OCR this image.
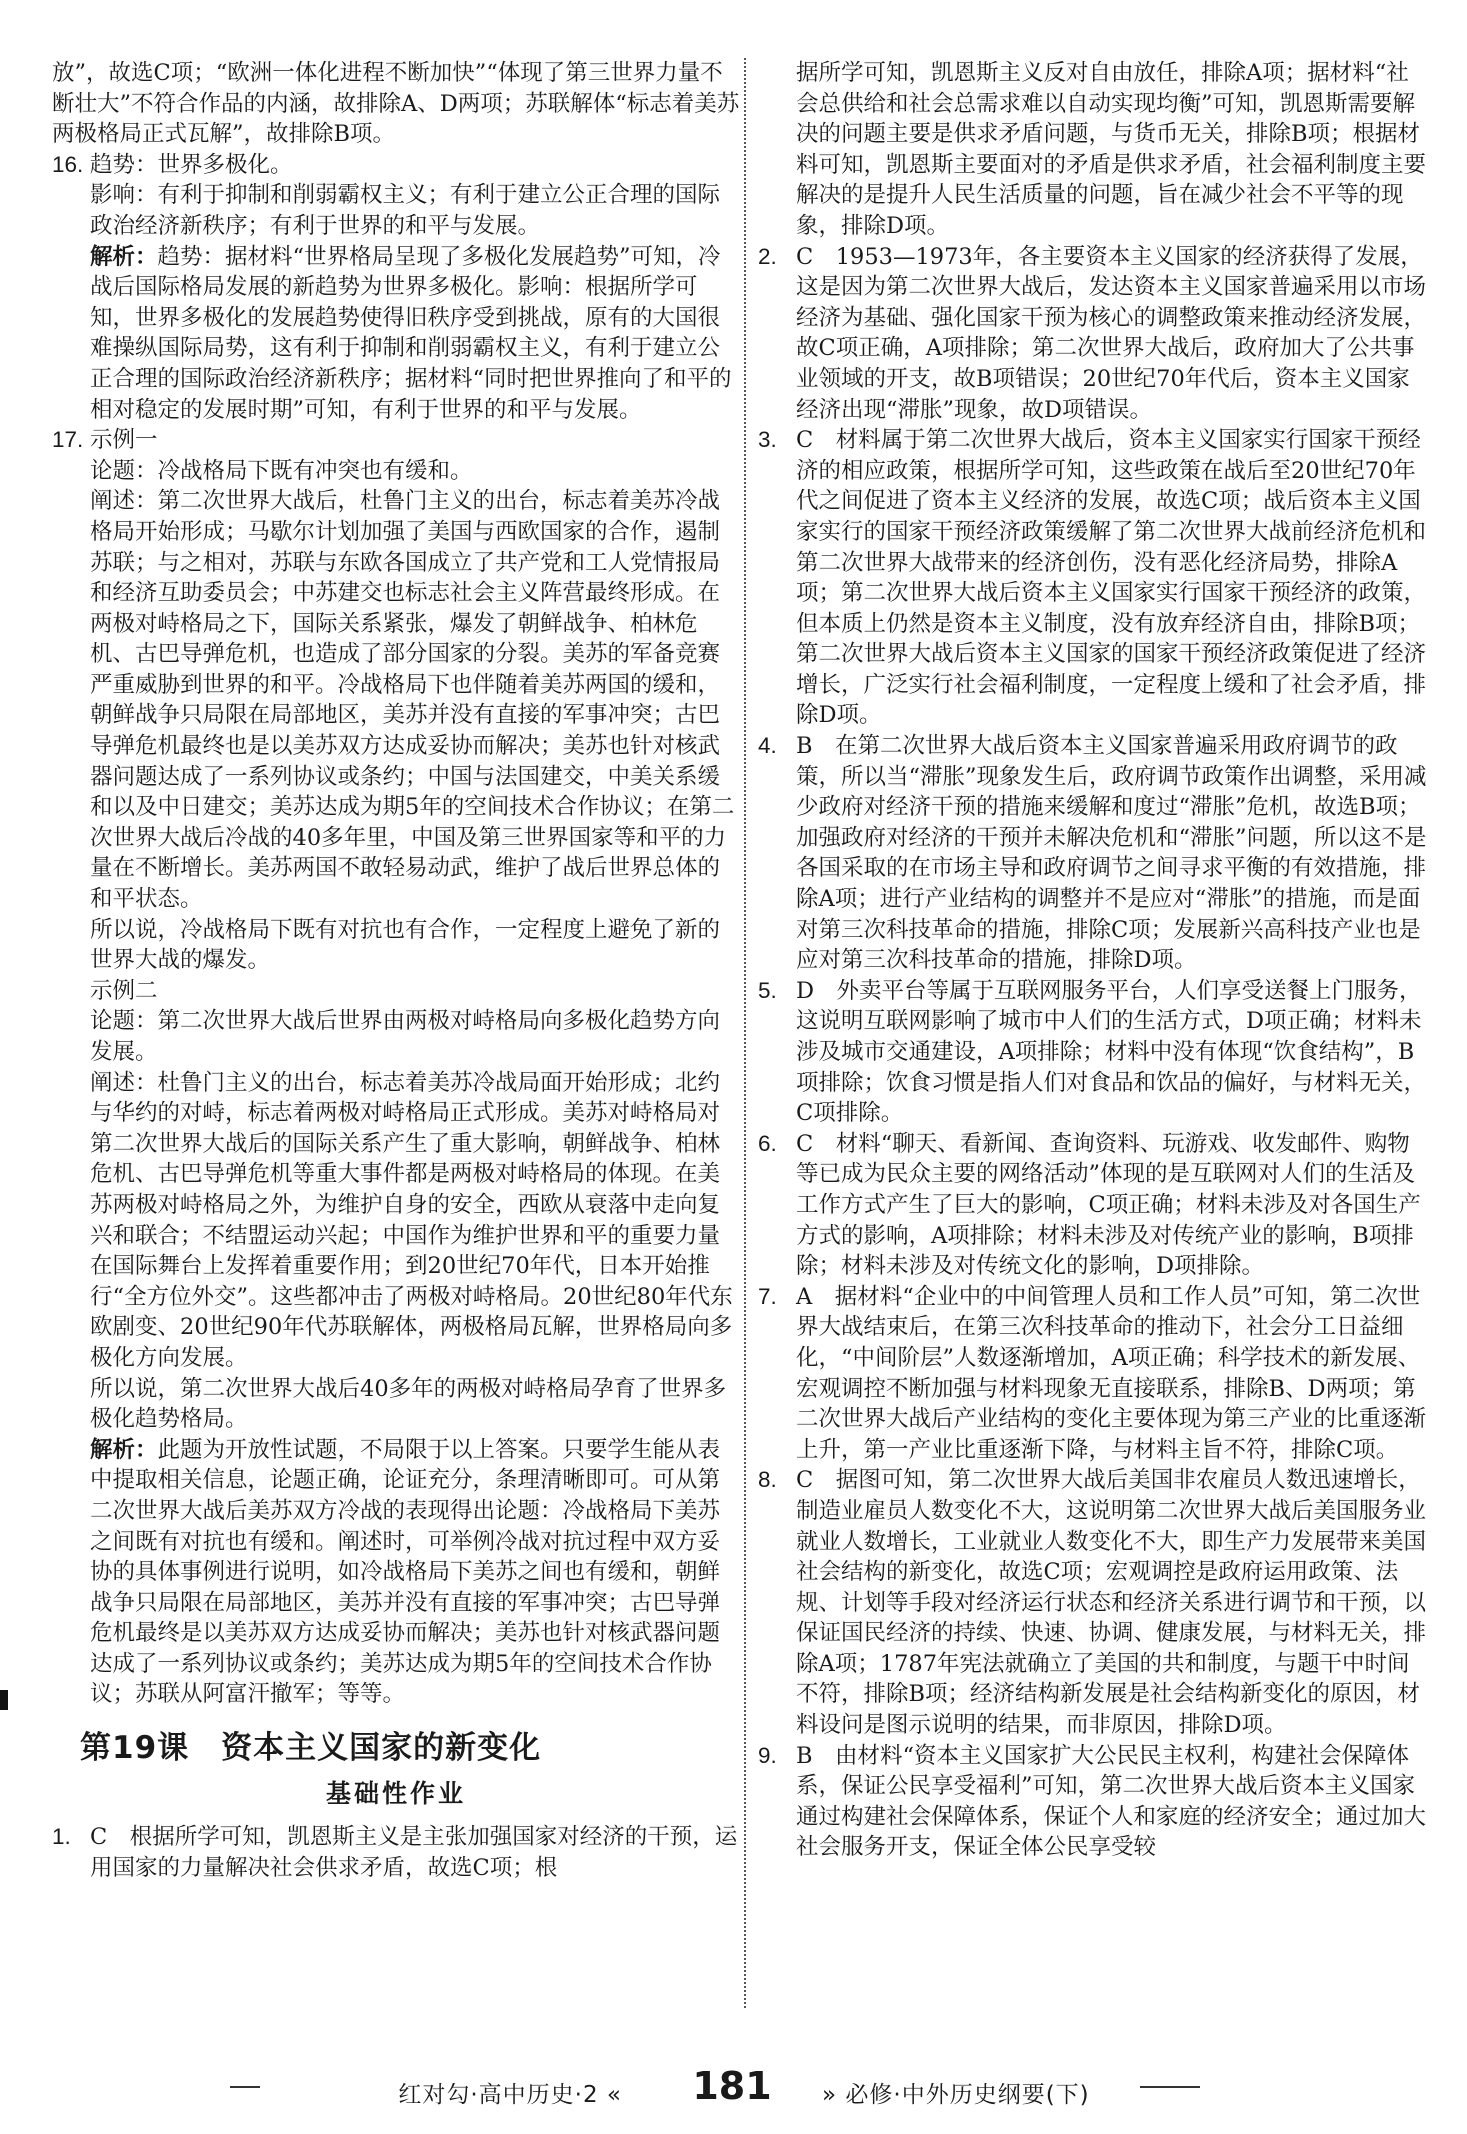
放”，故选C项；“欧洲一体化进程不断加快”“体现了第三世界力量不断壮大”不符合作品的内涵，故排除A、D两项；苏联解体“标志着美苏两极格局正式瓦解”，故排除B项。

16. 趋势：世界多极化。

影响：有利于抑制和削弱霸权主义；有利于建立公正合理的国际政治经济新秩序；有利于世界的和平与发展。

解析：趋势：据材料“世界格局呈现了多极化发展趋势”可知，冷战后国际格局发展的新趋势为世界多极化。影响：根据所学可知，世界多极化的发展趋势使得旧秩序受到挑战，原有的大国很难操纵国际局势，这有利于抑制和削弱霸权主义，有利于建立公正合理的国际政治经济新秩序；据材料“同时把世界推向了和平的相对稳定的发展时期”可知，有利于世界的和平与发展。

17. 示例一

论题：冷战格局下既有冲突也有缓和。

阐述：第二次世界大战后，杜鲁门主义的出台，标志着美苏冷战格局开始形成；马歇尔计划加强了美国与西欧国家的合作，遏制苏联；与之相对，苏联与东欧各国成立了共产党和工人党情报局和经济互助委员会；中苏建交也标志社会主义阵营最终形成。在两极对峙格局之下，国际关系紧张，爆发了朝鲜战争、柏林危机、古巴导弹危机，也造成了部分国家的分裂。美苏的军备竞赛严重威胁到世界的和平。冷战格局下也伴随着美苏两国的缓和，朝鲜战争只局限在局部地区，美苏并没有直接的军事冲突；古巴导弹危机最终也是以美苏双方达成妥协而解决；美苏也针对核武器问题达成了一系列协议或条约；中国与法国建交，中美关系缓和以及中日建交；美苏达成为期5年的空间技术合作协议；在第二次世界大战后冷战的40多年里，中国及第三世界国家等和平的力量在不断增长。美苏两国不敢轻易动武，维护了战后世界总体的和平状态。

所以说，冷战格局下既有对抗也有合作，一定程度上避免了新的世界大战的爆发。

示例二

论题：第二次世界大战后世界由两极对峙格局向多极化趋势方向发展。

阐述：杜鲁门主义的出台，标志着美苏冷战局面开始形成；北约与华约的对峙，标志着两极对峙格局正式形成。美苏对峙格局对第二次世界大战后的国际关系产生了重大影响，朝鲜战争、柏林危机、古巴导弹危机等重大事件都是两极对峙格局的体现。在美苏两极对峙格局之外，为维护自身的安全，西欧从衰落中走向复兴和联合；不结盟运动兴起；中国作为维护世界和平的重要力量在国际舞台上发挥着重要作用；到20世纪70年代，日本开始推行“全方位外交”。这些都冲击了两极对峙格局。20世纪80年代东欧剧变、20世纪90年代苏联解体，两极格局瓦解，世界格局向多极化方向发展。

所以说，第二次世界大战后40多年的两极对峙格局孕育了世界多极化趋势格局。

解析：此题为开放性试题，不局限于以上答案。只要学生能从表中提取相关信息，论题正确，论证充分，条理清晰即可。可从第二次世界大战后美苏双方冷战的表现得出论题：冷战格局下美苏之间既有对抗也有缓和。阐述时，可举例冷战对抗过程中双方妥协的具体事例进行说明，如冷战格局下美苏之间也有缓和，朝鲜战争只局限在局部地区，美苏并没有直接的军事冲突；古巴导弹危机最终是以美苏双方达成妥协而解决；美苏也针对核武器问题达成了一系列协议或条约；美苏达成为期5年的空间技术合作协议；苏联从阿富汗撤军；等等。

第19课　资本主义国家的新变化
基础性作业
1. C　根据所学可知，凯恩斯主义是主张加强国家对经济的干预，运用国家的力量解决社会供求矛盾，故选C项；根

据所学可知，凯恩斯主义反对自由放任，排除A项；据材料“社会总供给和社会总需求难以自动实现均衡”可知，凯恩斯需要解决的问题主要是供求矛盾问题，与货币无关，排除B项；根据材料可知，凯恩斯主要面对的矛盾是供求矛盾，社会福利制度主要解决的是提升人民生活质量的问题，旨在减少社会不平等的现象，排除D项。

2. C　1953—1973年，各主要资本主义国家的经济获得了发展，这是因为第二次世界大战后，发达资本主义国家普遍采用以市场经济为基础、强化国家干预为核心的调整政策来推动经济发展，故C项正确，A项排除；第二次世界大战后，政府加大了公共事业领域的开支，故B项错误；20世纪70年代后，资本主义国家经济出现“滞胀”现象，故D项错误。

3. C　材料属于第二次世界大战后，资本主义国家实行国家干预经济的相应政策，根据所学可知，这些政策在战后至20世纪70年代之间促进了资本主义经济的发展，故选C项；战后资本主义国家实行的国家干预经济政策缓解了第二次世界大战前经济危机和第二次世界大战带来的经济创伤，没有恶化经济局势，排除A项；第二次世界大战后资本主义国家实行国家干预经济的政策，但本质上仍然是资本主义制度，没有放弃经济自由，排除B项；第二次世界大战后资本主义国家的国家干预经济政策促进了经济增长，广泛实行社会福利制度，一定程度上缓和了社会矛盾，排除D项。

4. B　在第二次世界大战后资本主义国家普遍采用政府调节的政策，所以当“滞胀”现象发生后，政府调节政策作出调整，采用减少政府对经济干预的措施来缓解和度过“滞胀”危机，故选B项；加强政府对经济的干预并未解决危机和“滞胀”问题，所以这不是各国采取的在市场主导和政府调节之间寻求平衡的有效措施，排除A项；进行产业结构的调整并不是应对“滞胀”的措施，而是面对第三次科技革命的措施，排除C项；发展新兴高科技产业也是应对第三次科技革命的措施，排除D项。

5. D　外卖平台等属于互联网服务平台，人们享受送餐上门服务，这说明互联网影响了城市中人们的生活方式，D项正确；材料未涉及城市交通建设，A项排除；材料中没有体现“饮食结构”，B项排除；饮食习惯是指人们对食品和饮品的偏好，与材料无关，C项排除。

6. C　材料“聊天、看新闻、查询资料、玩游戏、收发邮件、购物等已成为民众主要的网络活动”体现的是互联网对人们的生活及工作方式产生了巨大的影响，C项正确；材料未涉及对各国生产方式的影响，A项排除；材料未涉及对传统产业的影响，B项排除；材料未涉及对传统文化的影响，D项排除。

7. A　据材料“企业中的中间管理人员和工作人员”可知，第二次世界大战结束后，在第三次科技革命的推动下，社会分工日益细化，“中间阶层”人数逐渐增加，A项正确；科学技术的新发展、宏观调控不断加强与材料现象无直接联系，排除B、D两项；第二次世界大战后产业结构的变化主要体现为第三产业的比重逐渐上升，第一产业比重逐渐下降，与材料主旨不符，排除C项。

8. C　据图可知，第二次世界大战后美国非农雇员人数迅速增长，制造业雇员人数变化不大，这说明第二次世界大战后美国服务业就业人数增长，工业就业人数变化不大，即生产力发展带来美国社会结构的新变化，故选C项；宏观调控是政府运用政策、法规、计划等手段对经济运行状态和经济关系进行调节和干预，以保证国民经济的持续、快速、协调、健康发展，与材料无关，排除A项；1787年宪法就确立了美国的共和制度，与题干中时间不符，排除B项；经济结构新发展是社会结构新变化的原因，材料设问是图示说明的结果，而非原因，排除D项。

9. B　由材料“资本主义国家扩大公民民主权利，构建社会保障体系，保证公民享受福利”可知，第二次世界大战后资本主义国家通过构建社会保障体系，保证个人和家庭的经济安全；通过加大社会服务开支，保证全体公民享受较

红对勾·高中历史·2 «	181	» 必修·中外历史纲要(下)
